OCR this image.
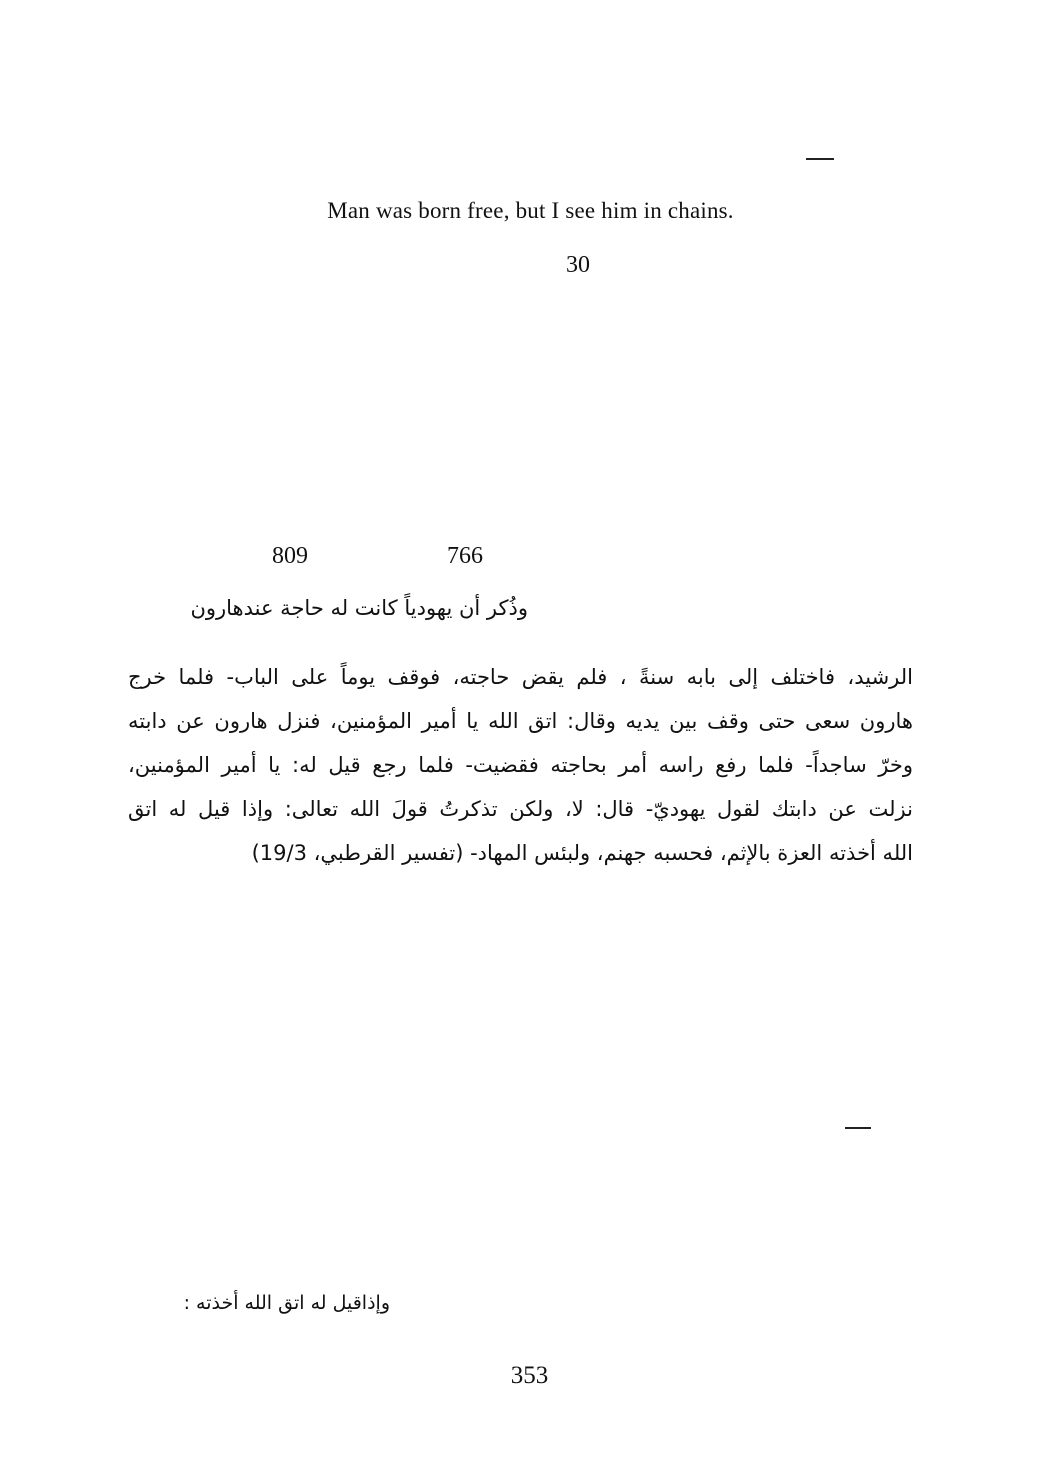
Man was born free, but I see him in chains.
30
809	766
وذُكر أن يهودياً كانت له حاجة عندهارون
الرشيد، فاختلف إلى بابه سنةً ، فلم يقض حاجته، فوقف يوماً على الباب- فلما خرج
هارون سعى حتى وقف بين يديه وقال: اتق الله يا أمير المؤمنين، فنزل هارون عن دابته
وخرّ ساجداً- فلما رفع راسه أمر بحاجته فقضيت- فلما رجع قيل له: يا أمير المؤمنين،
نزلت عن دابتك لقول يهوديّ- قال: لا، ولكن تذكرتُ قولَ الله تعالى: وإذا قيل له اتق
الله أخذته العزة بالإثم، فحسبه جهنم، ولبئس المهاد- (تفسير القرطبي، 19/3)
وإذاقيل له اتق الله أخذته :
353
